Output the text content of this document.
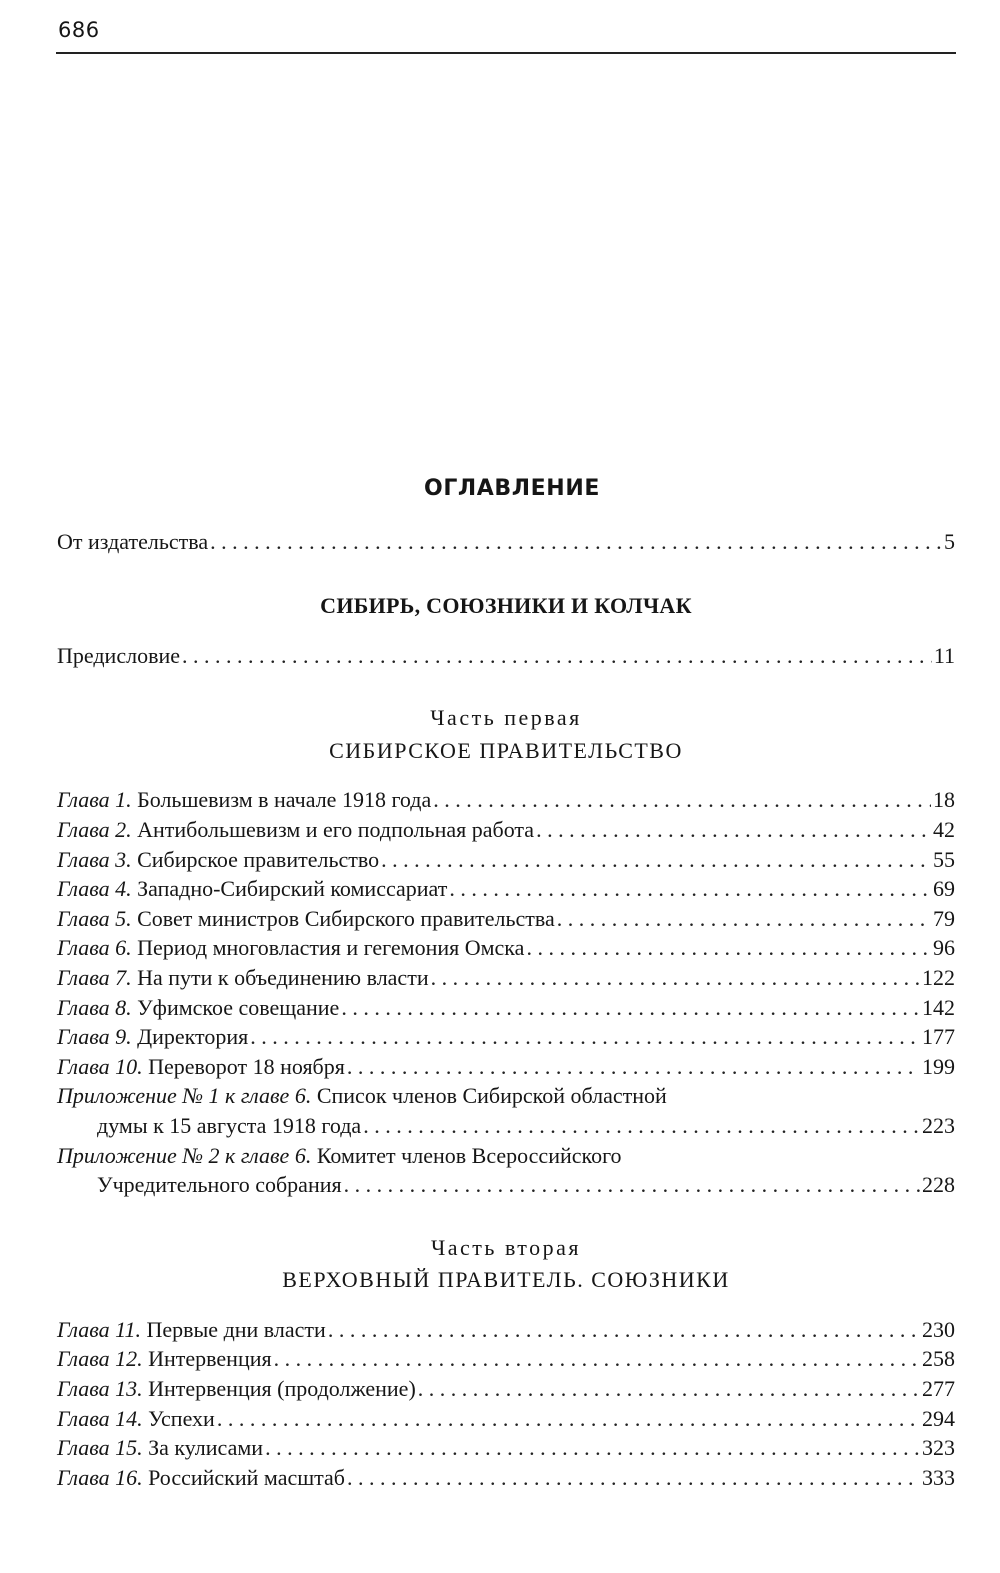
686
ОГЛАВЛЕНИЕ
От издательства . . .	5
СИБИРЬ, СОЮЗНИКИ И КОЛЧАК
Предисловие . . .	11
Часть первая
СИБИРСКОЕ ПРАВИТЕЛЬСТВО
Глава 1. Большевизм в начале 1918 года . . .	18
Глава 2. Антибольшевизм и его подпольная работа . . .	42
Глава 3. Сибирское правительство . . .	55
Глава 4. Западно-Сибирский комиссариат . . .	69
Глава 5. Совет министров Сибирского правительства . . .	79
Глава 6. Период многовластия и гегемония Омска . . .	96
Глава 7. На пути к объединению власти . . .	122
Глава 8. Уфимское совещание . . .	142
Глава 9. Директория . . .	177
Глава 10. Переворот 18 ноября . . .	199
Приложение № 1 к главе 6. Список членов Сибирской областной
думы к 15 августа 1918 года . . .	223
Приложение № 2 к главе 6. Комитет членов Всероссийского
Учредительного собрания . . .	228
Часть вторая
ВЕРХОВНЫЙ ПРАВИТЕЛЬ. СОЮЗНИКИ
Глава 11. Первые дни власти . . .	230
Глава 12. Интервенция . . .	258
Глава 13. Интервенция (продолжение) . . .	277
Глава 14. Успехи . . .	294
Глава 15. За кулисами . . .	323
Глава 16. Российский масштаб . . .	333
